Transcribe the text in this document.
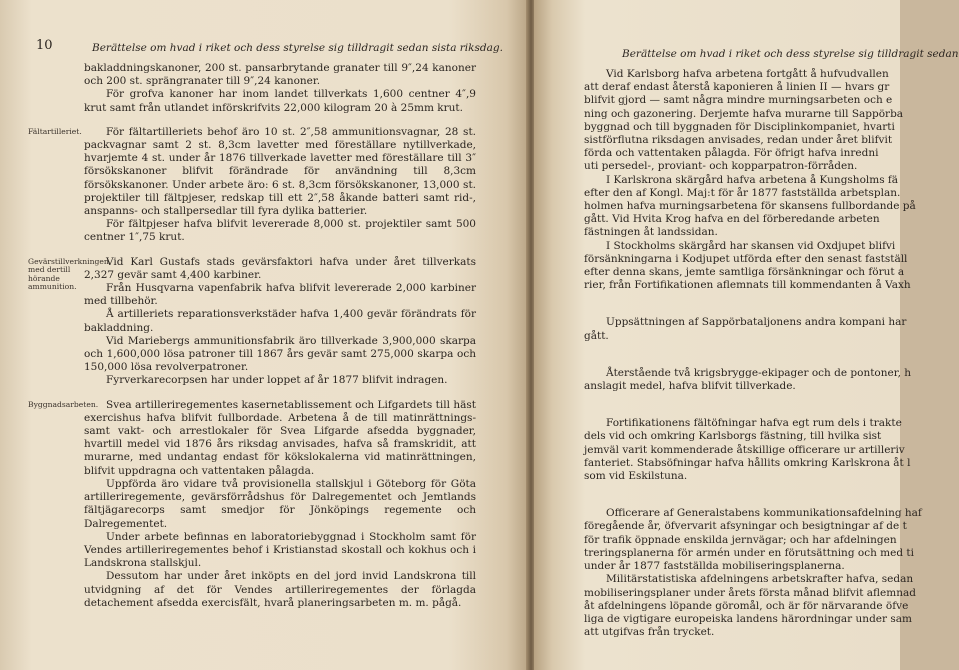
10	Berättelse om hvad i riket och dess styrelse sig tilldragit sedan sista riksdag.

bakladdningskanoner, 200 st. pansarbrytande granater till 9″,24 kanoner och 200 st. sprängranater till 9″,24 kanoner.

För grofva kanoner har inom landet tillverkats 1,600 centner 4″,9 krut samt från utlandet införskrifvits 22,000 kilogram 20 à 25mm krut.

Fältartilleriet.	För fältartilleriets behof äro 10 st. 2″,58 ammunitionsvagnar, 28 st. packvagnar samt 2 st. 8,3cm lavetter med föreställare nytillverkade, hvarjemte 4 st. under år 1876 tillverkade lavetter med föreställare till 3″ försökskanoner blifvit förändrade för användning till 8,3cm försökskanoner. Under arbete äro: 6 st. 8,3cm försökskanoner, 13,000 st. projektiler till fältpjeser, redskap till ett 2″,58 åkande batteri samt rid-, anspanns- och stallpersedlar till fyra dylika batterier.

För fältpjeser hafva blifvit levererade 8,000 st. projektiler samt 500 centner 1″,75 krut.

Gevärstillverkningen med dertill hörande ammunition.

Vid Karl Gustafs stads gevärsfaktori hafva under året tillverkats 2,327 gevär samt 4,400 karbiner.

Från Husqvarna vapenfabrik hafva blifvit levererade 2,000 karbiner med tillbehör.

Å artilleriets reparationsverkstäder hafva 1,400 gevär förändrats för bakladdning.

Vid Mariebergs ammunitionsfabrik äro tillverkade 3,900,000 skarpa och 1,600,000 lösa patroner till 1867 års gevär samt 275,000 skarpa och 150,000 lösa revolverpatroner.

Fyrverkarecorpsen har under loppet af år 1877 blifvit indragen.

Byggnadsarbeten. Svea artilleriregementes kasernetablissement och Lifgardets till häst exercishus hafva blifvit fullbordade. Arbetena å de till matinrättnings- samt vakt- och arrestlokaler för Svea Lifgarde afsedda byggnader, hvartill medel vid 1876 års riksdag anvisades, hafva så framskridit, att murarne, med undantag endast för kökslokalerna vid matinrättningen, blifvit uppdragna och vattentaken pålagda.

Uppförda äro vidare två provisionella stallskjul i Göteborg för Göta artilleriregemente, gevärsförrådshus för Dalregementet och Jemtlands fältjägarecorps samt smedjor för Jönköpings regemente och Dalregementet.

Under arbete befinnas en laboratoriebyggnad i Stockholm samt för Vendes artilleriregementes behof i Kristianstad skostall och kokhus och i Landskrona stallskjul.

Dessutom har under året inköpts en del jord invid Landskrona till utvidgning af det för Vendes artilleriregementes der förlagda detachement afsedda exercisfält, hvarå planeringsarbeten m. m. pågå.

Berättelse om hvad i riket och dess styrelse sig tilldragit sedan

Vid Karlsborg hafva arbetena fortgått å hufvudvallen

att deraf endast återstå kaponieren å linien II — hvars gr

blifvit gjord — samt några mindre murningsarbeten och e

ning och gazonering. Derjemte hafva murarne till Sappörba

byggnad och till byggnaden för Disciplinkompaniet, hvarti

sistförflutna riksdagen anvisades, redan under året blifvit

förda och vattentaken pålagda. För öfrigt hafva inredni

uti persedel-, proviant- och kopparpatron-förråden.

I Karlskrona skärgård hafva arbetena å Kungsholms fä

efter den af Kongl. Maj:t för år 1877 fastställda arbetsplan.

holmen hafva murningsarbetena för skansens fullbordande på

gått. Vid Hvita Krog hafva en del förberedande arbeten

fästningen åt landssidan.

I Stockholms skärgård har skansen vid Oxdjupet blifvi

försänkningarna i Kodjupet utförda efter den senast fastställ

efter denna skans, jemte samtliga försänkningar och förut a

rier, från Fortifikationen aflemnats till kommendanten å Vaxh

Uppsättningen af Sappörbataljonens andra kompani har

gått.

Återstående två krigsbrygge-ekipager och de pontoner, h

anslagit medel, hafva blifvit tillverkade.

Fortifikationens fältöfningar hafva egt rum dels i trakte

dels vid och omkring Karlsborgs fästning, till hvilka sist

jemväl varit kommenderade åtskillige officerare ur artilleriv

fanteriet. Stabsöfningar hafva hållits omkring Karlskrona åt l

som vid Eskilstuna.

Officerare af Generalstabens kommunikationsafdelning haf

föregående år, öfvervarit afsyningar och besigtningar af de t

för trafik öppnade enskilda jernvägar; och har afdelningen

treringsplanerna för armén under en förutsättning och med ti

under år 1877 fastställda mobiliseringsplanerna.

Militärstatistiska afdelningens arbetskrafter hafva, sedan

mobiliseringsplaner under årets första månad blifvit aflemnad

åt afdelningens löpande göromål, och är för närvarande öfve

liga de vigtigare europeiska landens härordningar under sam

att utgifvas från trycket.
